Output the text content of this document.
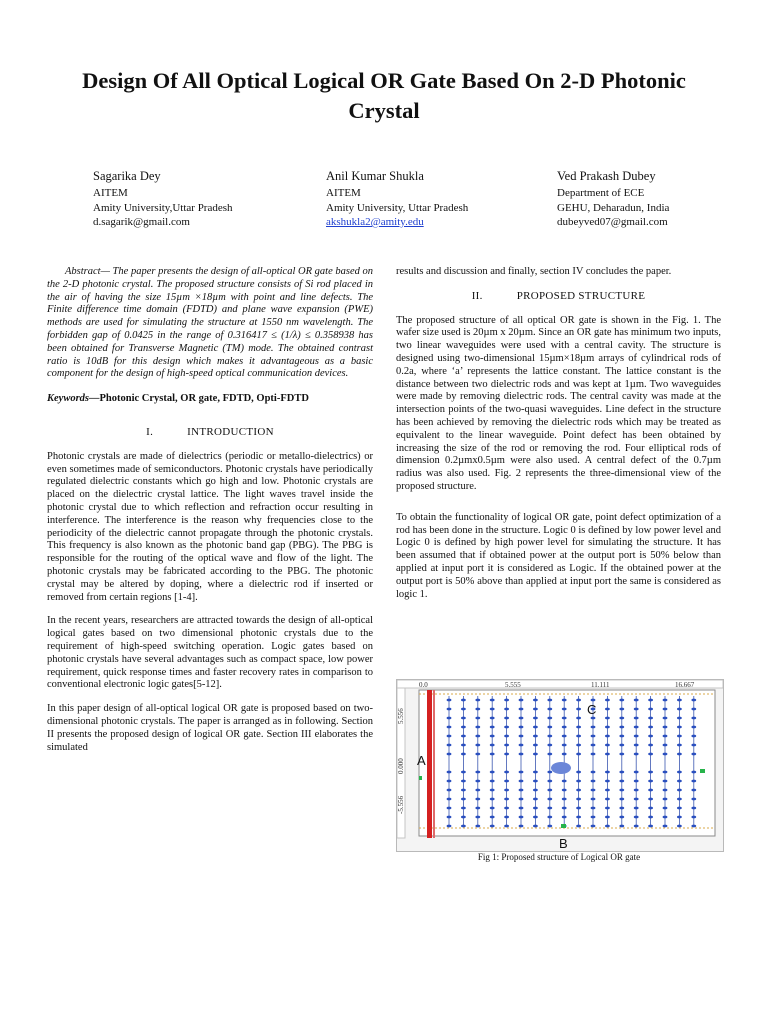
Design Of All Optical Logical OR Gate Based On 2-D Photonic Crystal
Sagarika Dey
AITEM
Amity University,Uttar Pradesh
d.sagarik@gmail.com
Anil Kumar Shukla
AITEM
Amity University, Uttar Pradesh
akshukla2@amity.edu
Ved Prakash Dubey
Department of ECE
GEHU, Deharadun, India
dubeyved07@gmail.com

Abstract— The paper presents the design of all-optical OR gate based on the 2-D photonic crystal. The proposed structure consists of Si rod placed in the air of having the size 15µm ×18µm with point and line defects. The Finite difference time domain (FDTD) and plane wave expansion (PWE) methods are used for simulating the structure at 1550 nm wavelength. The forbidden gap of 0.0425 in the range of 0.316417 ≤ (1/λ) ≤ 0.358938 has been obtained for Transverse Magnetic (TM) mode. The obtained contrast ratio is 10dB for this design which makes it advantageous as a basic component for the design of high-speed optical communication devices.

Keywords—Photonic Crystal, OR gate, FDTD, Opti-FDTD

I.	INTRODUCTION

Photonic crystals are made of dielectrics (periodic or metallo-dielectrics) or even sometimes made of semiconductors. Photonic crystals have periodically regulated dielectric constants which go high and low. Photonic crystals are placed on the dielectric crystal lattice. The light waves travel inside the photonic crystal due to which reflection and refraction occur resulting in interference. The interference is the reason why frequencies close to the periodicity of the dielectric cannot propagate through the photonic crystals. This frequency is also known as the photonic band gap (PBG). The PBG is responsible for the routing of the optical wave and flow of the light. The photonic crystals may be fabricated according to the PBG. The photonic crystal may be altered by doping, where a dielectric rod if inserted or removed from certain regions [1-4].

In the recent years, researchers are attracted towards the design of all-optical logical gates based on two dimensional photonic crystals due to the requirement of high-speed switching operation. Logic gates based on photonic crystals have several advantages such as compact space, low power requirement, quick response times and faster recovery rates in comparison to conventional electronic logic gates[5-12].

In this paper design of all-optical logical OR gate is proposed based on two-dimensional photonic crystals. The paper is arranged as in following. Section II presents the proposed design of logical OR gate. Section III elaborates the simulated

results and discussion and finally, section IV concludes the paper.

II.	PROPOSED STRUCTURE

The proposed structure of all optical OR gate is shown in the Fig. 1. The wafer size used is 20µm x 20µm. Since an OR gate has minimum two inputs, two linear waveguides were used with a central cavity. The structure is designed using two-dimensional 15µm×18µm arrays of cylindrical rods of 0.2a, where ‘a’ represents the lattice constant. The lattice constant is the distance between two dielectric rods and was kept at 1µm. Two waveguides were made by removing dielectric rods. The central cavity was made at the intersection points of the two-quasi waveguides. Line defect in the structure has been achieved by removing the dielectric rods which may be treated as equivalent to the linear waveguide. Point defect has been obtained by increasing the size of the rod or removing the rod. Four elliptical rods of dimension 0.2µmx0.5µm were also used. A central defect of the 0.7µm radius was also used. Fig. 2 represents the three-dimensional view of the proposed structure.

To obtain the functionality of logical OR gate, point defect optimization of a rod has been done in the structure. Logic 0 is defined by low power level and Logic 0 is defined by high power level for simulating the structure. It has been assumed that if obtained power at the output port is 50% below than applied at input port it is considered as Logic. If the obtained power at the output port is 50% above than applied at input port the same is considered as logic 1.

0.0	5.555	11.111	16.667
5.556
0.000
-5.556
C
A
B
Fig 1: Proposed structure of Logical OR gate
